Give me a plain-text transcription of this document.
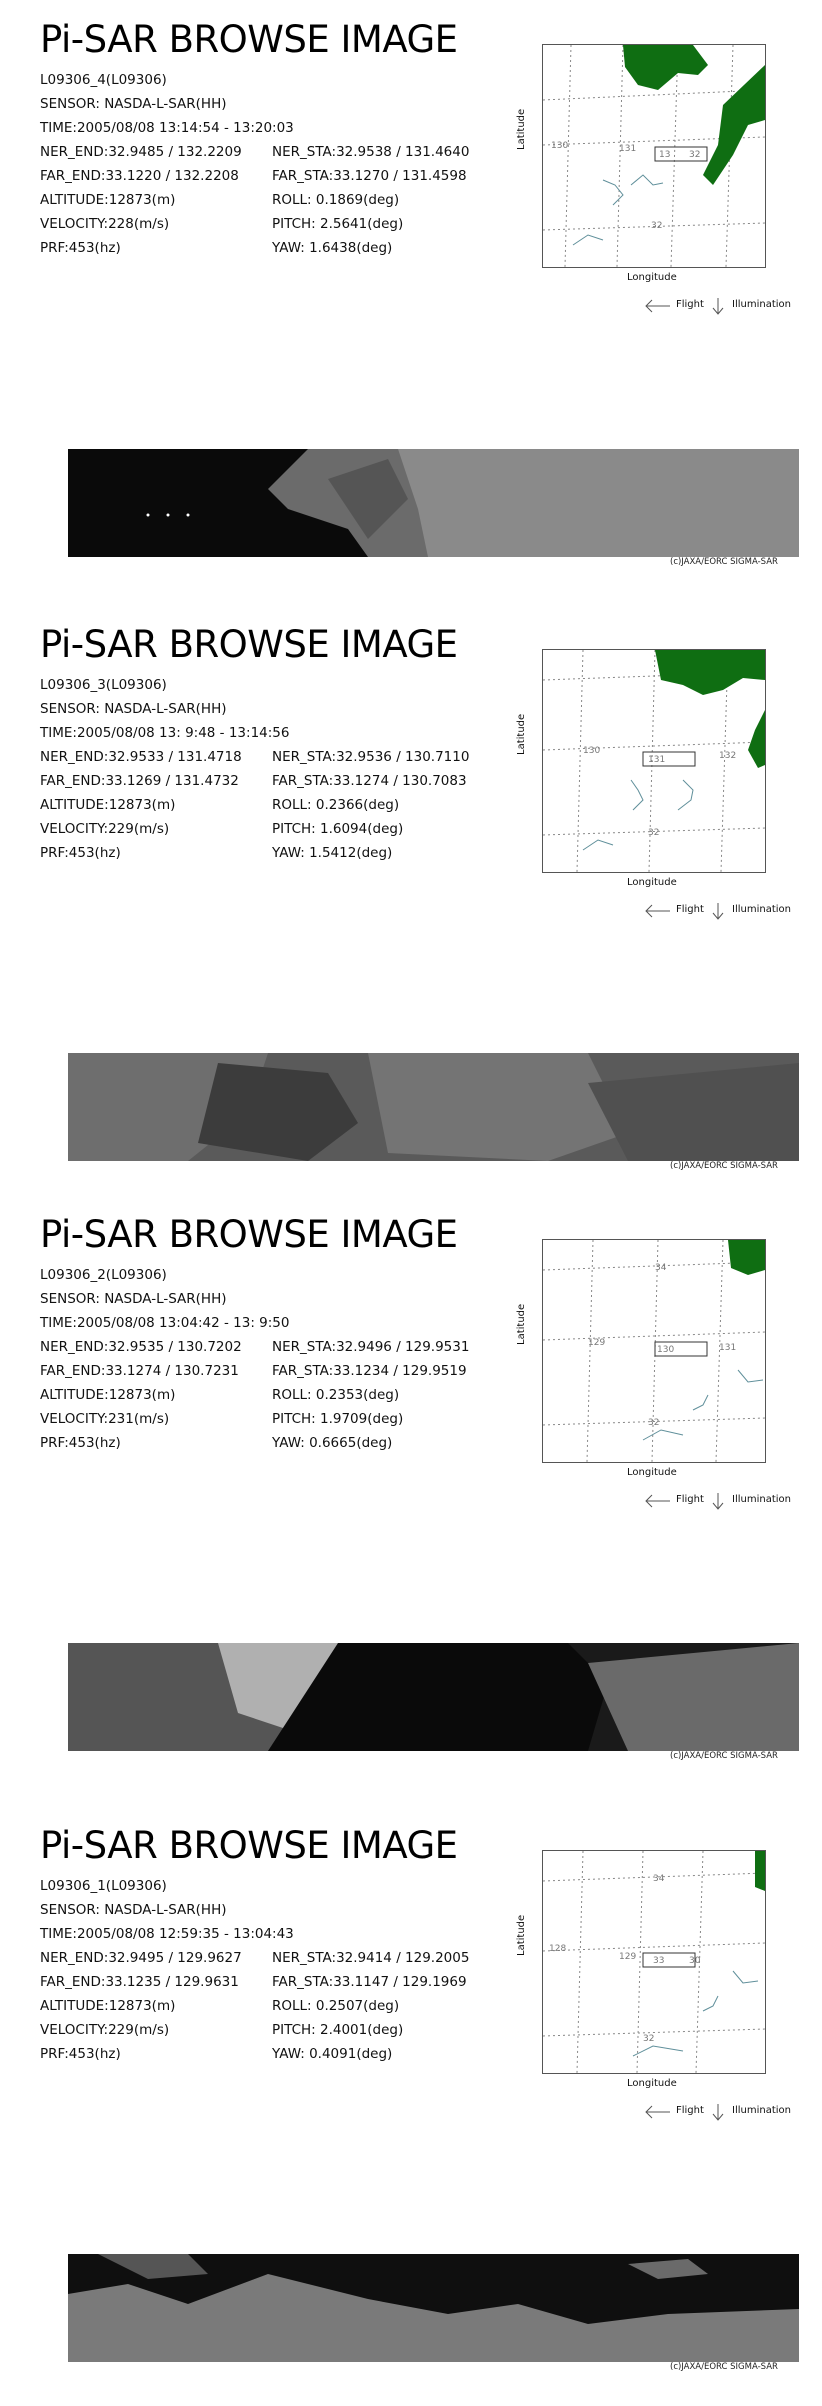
Pi-SAR BROWSE IMAGE
L09306_4(L09306)
SENSOR: NASDA-L-SAR(HH)
TIME:2005/08/08 13:14:54 - 13:20:03
NER_END:32.9485 / 132.2209 NER_STA:32.9538 / 131.4640
FAR_END:33.1220 / 132.2208 FAR_STA:33.1270 / 131.4598
ALTITUDE:12873(m)	ROLL: 0.1869(deg)
VELOCITY:228(m/s)	PITCH: 2.5641(deg)
PRF:453(hz)	YAW: 1.6438(deg)
Latitude	130	131
13 32
32
Longitude
Flight	Illumination
(c)JAXA/EORC SIGMA-SAR
Pi-SAR BROWSE IMAGE
L09306_3(L09306)
SENSOR: NASDA-L-SAR(HH)
TIME:2005/08/08 13: 9:48 - 13:14:56
NER_END:32.9533 / 131.4718 NER_STA:32.9536 / 130.7110
FAR_END:33.1269 / 131.4732 FAR_STA:33.1274 / 130.7083
ALTITUDE:12873(m)	ROLL: 0.2366(deg)
VELOCITY:229(m/s)	PITCH: 1.6094(deg)
PRF:453(hz)	YAW: 1.5412(deg)
Latitude	130
131	132
32
Longitude
Flight	Illumination
(c)JAXA/EORC SIGMA-SAR
Pi-SAR BROWSE IMAGE
L09306_2(L09306)
SENSOR: NASDA-L-SAR(HH)
TIME:2005/08/08 13:04:42 - 13: 9:50
NER_END:32.9535 / 130.7202 NER_STA:32.9496 / 129.9531
FAR_END:33.1274 / 130.7231 FAR_STA:33.1234 / 129.9519
ALTITUDE:12873(m)	ROLL: 0.2353(deg)
VELOCITY:231(m/s)	PITCH: 1.9709(deg)
PRF:453(hz)	YAW: 0.6665(deg)
Latitude
34
129
130	131
32
Longitude
Flight	Illumination
(c)JAXA/EORC SIGMA-SAR
Pi-SAR BROWSE IMAGE
L09306_1(L09306)
SENSOR: NASDA-L-SAR(HH)
TIME:2005/08/08 12:59:35 - 13:04:43
NER_END:32.9495 / 129.9627 NER_STA:32.9414 / 129.2005
FAR_END:33.1235 / 129.9631 FAR_STA:33.1147 / 129.1969
ALTITUDE:12873(m)	ROLL: 0.2507(deg)
VELOCITY:229(m/s)	PITCH: 2.4001(deg)
PRF:453(hz)	YAW: 0.4091(deg)
Latitude
34
128
129 33	30
32
Longitude
Flight	Illumination
(c)JAXA/EORC SIGMA-SAR
